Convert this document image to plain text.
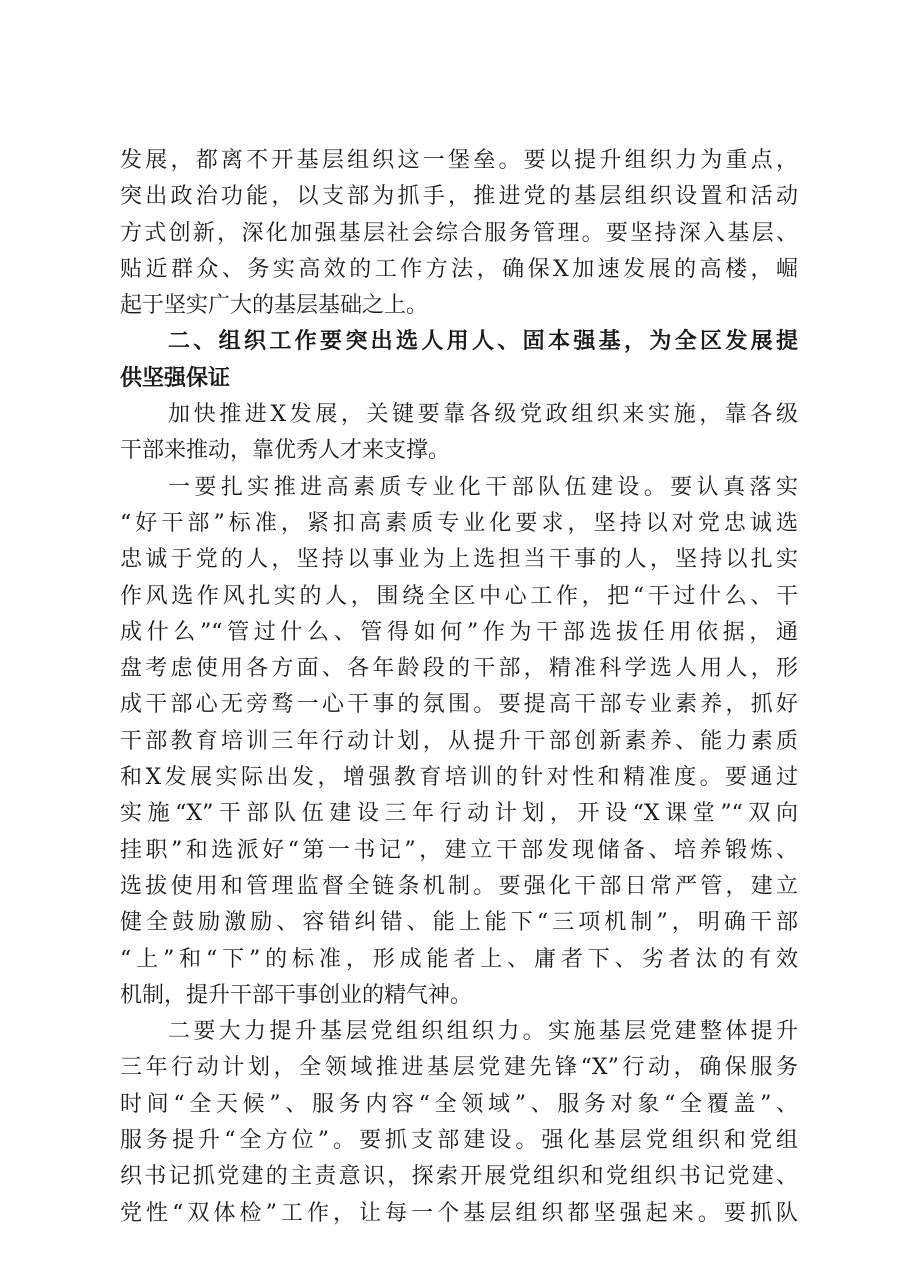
发展，都离不开基层组织这一堡垒。要以提升组织力为重点，
突出政治功能，以支部为抓手，推进党的基层组织设置和活动
方式创新，深化加强基层社会综合服务管理。要坚持深入基层、
贴近群众、务实高效的工作方法，确保X加速发展的高楼，崛
起于坚实广大的基层基础之上。
二、组织工作要突出选人用人、固本强基，为全区发展提
供坚强保证
加快推进X发展，关键要靠各级党政组织来实施，靠各级
干部来推动，靠优秀人才来支撑。
一要扎实推进高素质专业化干部队伍建设。要认真落实
“好干部”标准，紧扣高素质专业化要求，坚持以对党忠诚选
忠诚于党的人，坚持以事业为上选担当干事的人，坚持以扎实
作风选作风扎实的人，围绕全区中心工作，把“干过什么、干
成什么”“管过什么、管得如何”作为干部选拔任用依据，通
盘考虑使用各方面、各年龄段的干部，精准科学选人用人，形
成干部心无旁骛一心干事的氛围。要提高干部专业素养，抓好
干部教育培训三年行动计划，从提升干部创新素养、能力素质
和X发展实际出发，增强教育培训的针对性和精准度。要通过
实施“X”干部队伍建设三年行动计划，开设“X课堂”“双向
挂职”和选派好“第一书记”，建立干部发现储备、培养锻炼、
选拔使用和管理监督全链条机制。要强化干部日常严管，建立
健全鼓励激励、容错纠错、能上能下“三项机制”，明确干部
“上”和“下”的标准，形成能者上、庸者下、劣者汰的有效
机制，提升干部干事创业的精气神。
二要大力提升基层党组织组织力。实施基层党建整体提升
三年行动计划，全领域推进基层党建先锋“X”行动，确保服务
时间“全天候”、服务内容“全领域”、服务对象“全覆盖”、
服务提升“全方位”。要抓支部建设。强化基层党组织和党组
织书记抓党建的主责意识，探索开展党组织和党组织书记党建、
党性“双体检”工作，让每一个基层组织都坚强起来。要抓队
